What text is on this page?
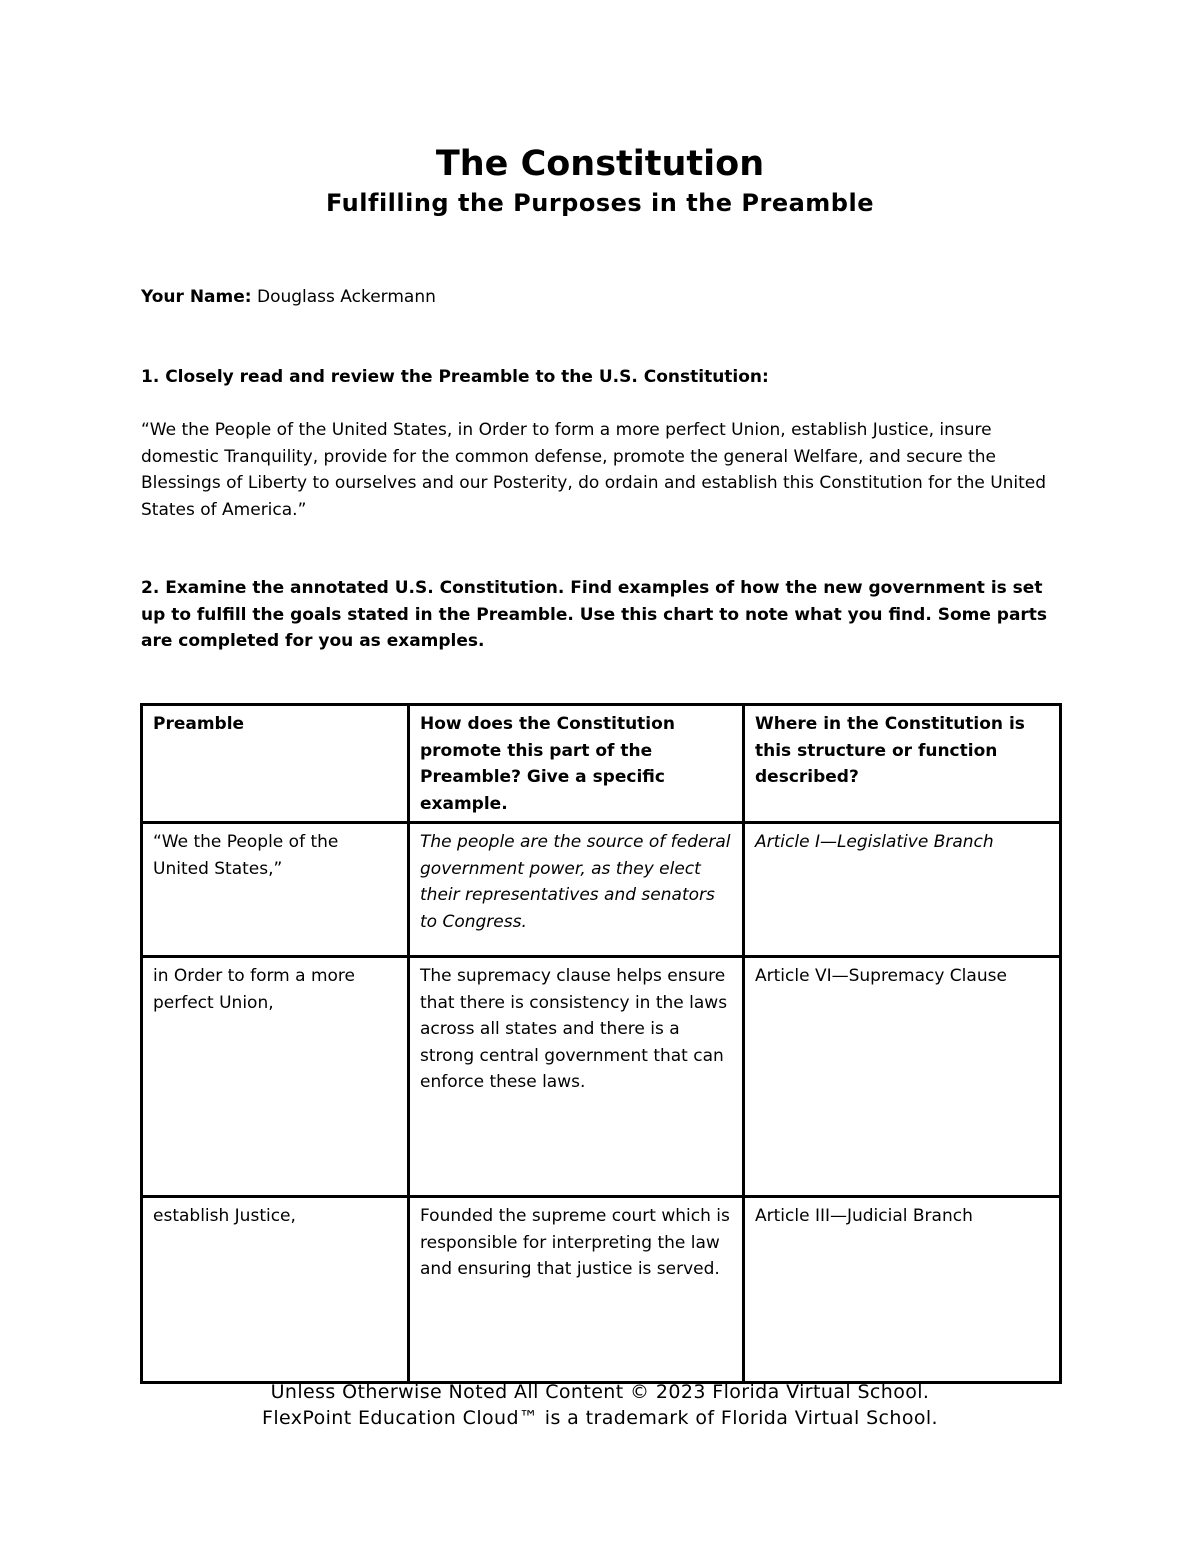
The Constitution
Fulfilling the Purposes in the Preamble
Your Name: Douglass Ackermann
1. Closely read and review the Preamble to the U.S. Constitution:
“We the People of the United States, in Order to form a more perfect Union, establish Justice, insure domestic Tranquility, provide for the common defense, promote the general Welfare, and secure the Blessings of Liberty to ourselves and our Posterity, do ordain and establish this Constitution for the United States of America.”
2. Examine the annotated U.S. Constitution. Find examples of how the new government is set up to fulfill the goals stated in the Preamble. Use this chart to note what you find. Some parts are completed for you as examples.
Preamble	How does the Constitution promote this part of the Preamble? Give a specific example.	Where in the Constitution is this structure or function described?
“We the People of the United States,”	The people are the source of federal government power, as they elect their representatives and senators to Congress.	Article I—Legislative Branch
in Order to form a more perfect Union,	The supremacy clause helps ensure that there is consistency in the laws across all states and there is a strong central government that can enforce these laws.	Article VI—Supremacy Clause
establish Justice,	Founded the supreme court which is responsible for interpreting the law and ensuring that justice is served.	Article III—Judicial Branch
Unless Otherwise Noted All Content © 2023 Florida Virtual School.
FlexPoint Education Cloud™ is a trademark of Florida Virtual School.
